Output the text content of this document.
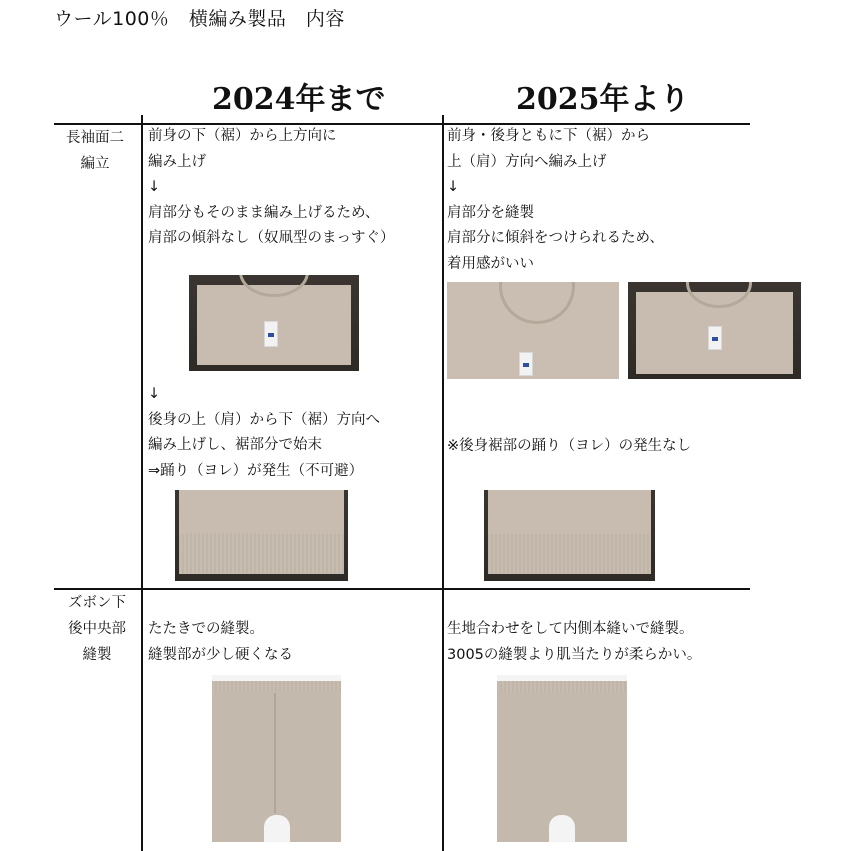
ウール100％　横編み製品　内容
2024年まで	2025年より
長袖面二
編立
前身の下（裾）から上方向に
編み上げ
↓
肩部分もそのまま編み上げるため、
肩部の傾斜なし（奴凧型のまっすぐ）
↓
後身の上（肩）から下（裾）方向へ
編み上げし、裾部分で始末
⇒踊り（ヨレ）が発生（不可避）
前身・後身ともに下（裾）から
上（肩）方向へ編み上げ
↓
肩部分を縫製
肩部分に傾斜をつけられるため、
着用感がいい
※後身裾部の踊り（ヨレ）の発生なし
ズボン下
後中央部
縫製
たたきでの縫製。
縫製部が少し硬くなる
生地合わせをして内側本縫いで縫製。
3005の縫製より肌当たりが柔らかい。
